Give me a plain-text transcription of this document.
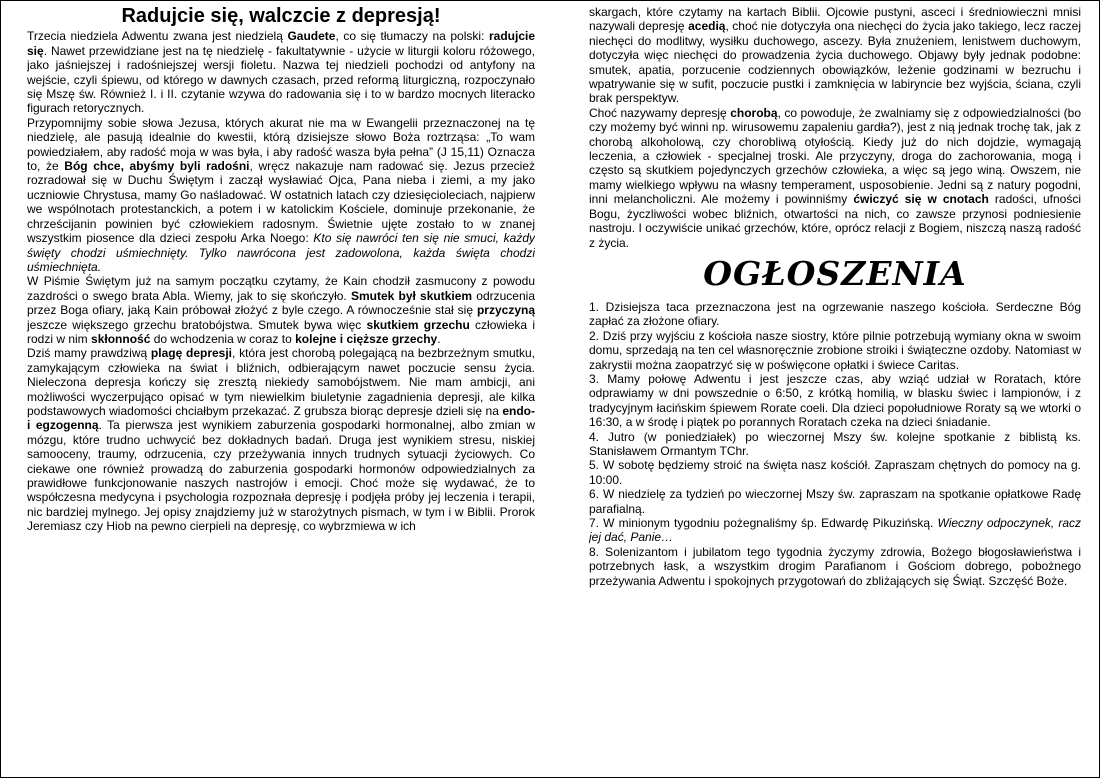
Radujcie się, walczcie z depresją!

Trzecia niedziela Adwentu zwana jest niedzielą Gaudete, co się tłumaczy na polski: radujcie się. Nawet przewidziane jest na tę niedzielę - fakultatywnie - użycie w liturgii koloru różowego, jako jaśniejszej i radośniejszej wersji fioletu. Nazwa tej niedzieli pochodzi od antyfony na wejście, czyli śpiewu, od którego w dawnych czasach, przed reformą liturgiczną, rozpoczynało się Mszę św. Również I. i II. czytanie wzywa do radowania się i to w bardzo mocnych literacko figurach retorycznych.

Przypomnijmy sobie słowa Jezusa, których akurat nie ma w Ewangelii przeznaczonej na tę niedzielę, ale pasują idealnie do kwestii, którą dzisiejsze słowo Boża roztrząsa: „To wam powiedziałem, aby radość moja w was była, i aby radość wasza była pełna” (J 15,11) Oznacza to, że Bóg chce, abyśmy byli radośni, wręcz nakazuje nam radować się. Jezus przecież rozradował się w Duchu Świętym i zaczął wysławiać Ojca, Pana nieba i ziemi, a my jako uczniowie Chrystusa, mamy Go naśladować. W ostatnich latach czy dziesięcioleciach, najpierw we wspólnotach protestanckich, a potem i w katolickim Kościele, dominuje przekonanie, że chrześcijanin powinien być człowiekiem radosnym. Świetnie ujęte zostało to w znanej wszystkim piosence dla dzieci zespołu Arka Noego: Kto się nawróci ten się nie smuci, każdy święty chodzi uśmiechnięty. Tylko nawrócona jest zadowolona, każda święta chodzi uśmiechnięta.

W Piśmie Świętym już na samym początku czytamy, że Kain chodził zasmucony z powodu zazdrości o swego brata Abla. Wiemy, jak to się skończyło. Smutek był skutkiem odrzucenia przez Boga ofiary, jaką Kain próbował złożyć z byle czego. A równocześnie stał się przyczyną jeszcze większego grzechu bratobójstwa. Smutek bywa więc skutkiem grzechu człowieka i rodzi w nim skłonność do wchodzenia w coraz to kolejne i cięższe grzechy.

Dziś mamy prawdziwą plagę depresji, która jest chorobą polegającą na bezbrzeżnym smutku, zamykającym człowieka na świat i bliźnich, odbierającym nawet poczucie sensu życia. Nieleczona depresja kończy się zresztą niekiedy samobójstwem. Nie mam ambicji, ani możliwości wyczerpująco opisać w tym niewielkim biuletynie zagadnienia depresji, ale kilka podstawowych wiadomości chciałbym przekazać. Z grubsza biorąc depresje dzieli się na endo- i egzogenną. Ta pierwsza jest wynikiem zaburzenia gospodarki hormonalnej, albo zmian w mózgu, które trudno uchwycić bez dokładnych badań. Druga jest wynikiem stresu, niskiej samooceny, traumy, odrzucenia, czy przeżywania innych trudnych sytuacji życiowych. Co ciekawe one również prowadzą do zaburzenia gospodarki hormonów odpowiedzialnych za prawidłowe funkcjonowanie naszych nastrojów i emocji. Choć może się wydawać, że to współczesna medycyna i psychologia rozpoznała depresję i podjęła próby jej leczenia i terapii, nic bardziej mylnego. Jej opisy znajdziemy już w starożytnych pismach, w tym i w Biblii. Prorok Jeremiasz czy Hiob na pewno cierpieli na depresję, co wybrzmiewa w ich

skargach, które czytamy na kartach Biblii. Ojcowie pustyni, asceci i średniowieczni mnisi nazywali depresję acedią, choć nie dotyczyła ona niechęci do życia jako takiego, lecz raczej niechęci do modlitwy, wysiłku duchowego, ascezy. Była znużeniem, lenistwem duchowym, dotyczyła więc niechęci do prowadzenia życia duchowego. Objawy były jednak podobne: smutek, apatia, porzucenie codziennych obowiązków, leżenie godzinami w bezruchu i wpatrywanie się w sufit, poczucie pustki i zamknięcia w labiryncie bez wyjścia, ściana, czyli brak perspektyw.

Choć nazywamy depresję chorobą, co powoduje, że zwalniamy się z odpowiedzialności (bo czy możemy być winni np. wirusowemu zapaleniu gardła?), jest z nią jednak trochę tak, jak z chorobą alkoholową, czy chorobliwą otyłością. Kiedy już do nich dojdzie, wymagają leczenia, a człowiek - specjalnej troski. Ale przyczyny, droga do zachorowania, mogą i często są skutkiem pojedynczych grzechów człowieka, a więc są jego winą. Owszem, nie mamy wielkiego wpływu na własny temperament, usposobienie. Jedni są z natury pogodni, inni melancholiczni. Ale możemy i powinniśmy ćwiczyć się w cnotach radości, ufności Bogu, życzliwości wobec bliźnich, otwartości na nich, co zawsze przynosi podniesienie nastroju. I oczywiście unikać grzechów, które, oprócz relacji z Bogiem, niszczą naszą radość z życia.

OGŁOSZENIA

1. Dzisiejsza taca przeznaczona jest na ogrzewanie naszego kościoła. Serdeczne Bóg zapłać za złożone ofiary.

2. Dziś przy wyjściu z kościoła nasze siostry, które pilnie potrzebują wymiany okna w swoim domu, sprzedają na ten cel własnoręcznie zrobione stroiki i świąteczne ozdoby. Natomiast w zakrystii można zaopatrzyć się w poświęcone opłatki i świece Caritas.

3. Mamy połowę Adwentu i jest jeszcze czas, aby wziąć udział w Roratach, które odprawiamy w dni powszednie o 6:50, z krótką homilią, w blasku świec i lampionów, i z tradycyjnym łacińskim śpiewem Rorate coeli. Dla dzieci popołudniowe Roraty są we wtorki o 16:30, a w środę i piątek po porannych Roratach czeka na dzieci śniadanie.

4. Jutro (w poniedziałek) po wieczornej Mszy św. kolejne spotkanie z biblistą ks. Stanisławem Ormantym TChr.

5. W sobotę będziemy stroić na święta nasz kościół. Zapraszam chętnych do pomocy na g. 10:00.

6. W niedzielę za tydzień po wieczornej Mszy św. zapraszam na spotkanie opłatkowe Radę parafialną.

7. W minionym tygodniu pożegnaliśmy śp. Edwardę Pikuzińską. Wieczny odpoczynek, racz jej dać, Panie…

8. Solenizantom i jubilatom tego tygodnia życzymy zdrowia, Bożego błogosławieństwa i potrzebnych łask, a wszystkim drogim Parafianom i Gościom dobrego, pobożnego przeżywania Adwentu i spokojnych przygotowań do zbliżających się Świąt. Szczęść Boże.
